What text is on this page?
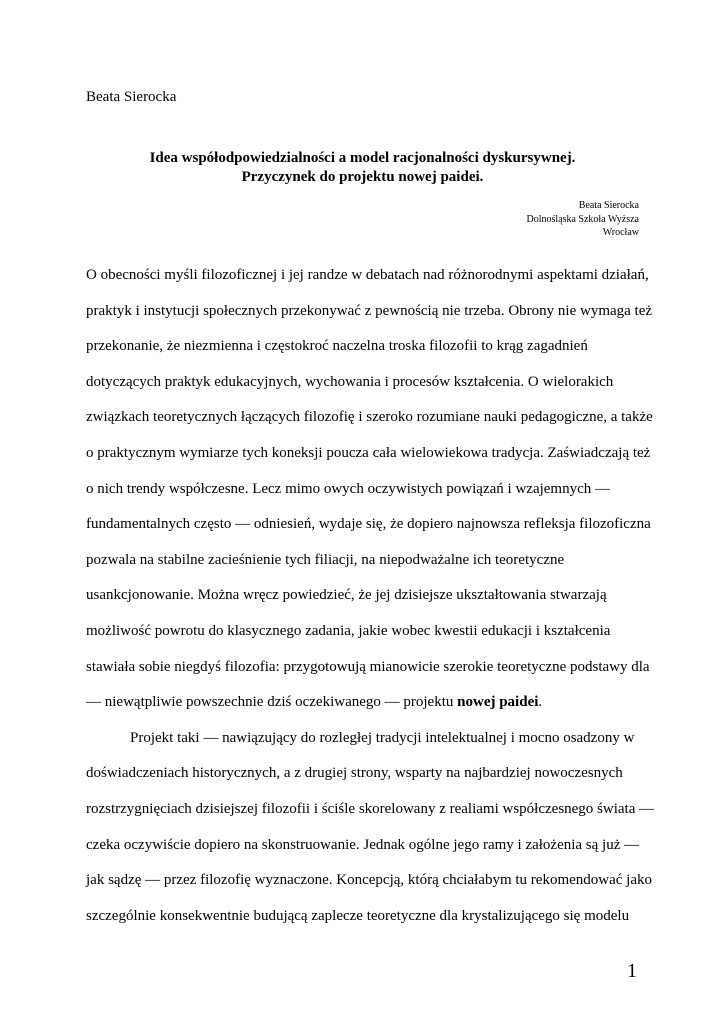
Beata Sierocka
Idea współodpowiedzialności a model racjonalności dyskursywnej.
Przyczynek do projektu nowej paidei.
Beata Sierocka
Dolnośląska Szkoła Wyższa
Wrocław
O obecności myśli filozoficznej i jej randze w debatach nad różnorodnymi aspektami działań,
praktyk i instytucji społecznych przekonywać z pewnością nie trzeba. Obrony nie wymaga też
przekonanie, że niezmienna i częstokroć naczelna troska filozofii to krąg zagadnień
dotyczących praktyk edukacyjnych, wychowania i procesów kształcenia. O wielorakich
związkach teoretycznych łączących filozofię i szeroko rozumiane nauki pedagogiczne, a także
o praktycznym wymiarze tych koneksji poucza cała wielowiekowa tradycja. Zaświadczają też
o nich trendy współczesne. Lecz mimo owych oczywistych powiązań i wzajemnych —
fundamentalnych często — odniesień, wydaje się, że dopiero najnowsza refleksja filozoficzna
pozwala na stabilne zacieśnienie tych filiacji, na niepodważalne ich teoretyczne
usankcjonowanie. Można wręcz powiedzieć, że jej dzisiejsze ukształtowania stwarzają
możliwość powrotu do klasycznego zadania, jakie wobec kwestii edukacji i kształcenia
stawiała sobie niegdyś filozofia: przygotowują mianowicie szerokie teoretyczne podstawy dla
— niewątpliwie powszechnie dziś oczekiwanego — projektu nowej paidei.
Projekt taki — nawiązujący do rozległej tradycji intelektualnej i mocno osadzony w
doświadczeniach historycznych, a z drugiej strony, wsparty na najbardziej nowoczesnych
rozstrzygnięciach dzisiejszej filozofii i ściśle skorelowany z realiami współczesnego świata —
czeka oczywiście dopiero na skonstruowanie. Jednak ogólne jego ramy i założenia są już —
jak sądzę — przez filozofię wyznaczone. Koncepcją, którą chciałabym tu rekomendować jako
szczególnie konsekwentnie budującą zaplecze teoretyczne dla krystalizującego się modelu
1
